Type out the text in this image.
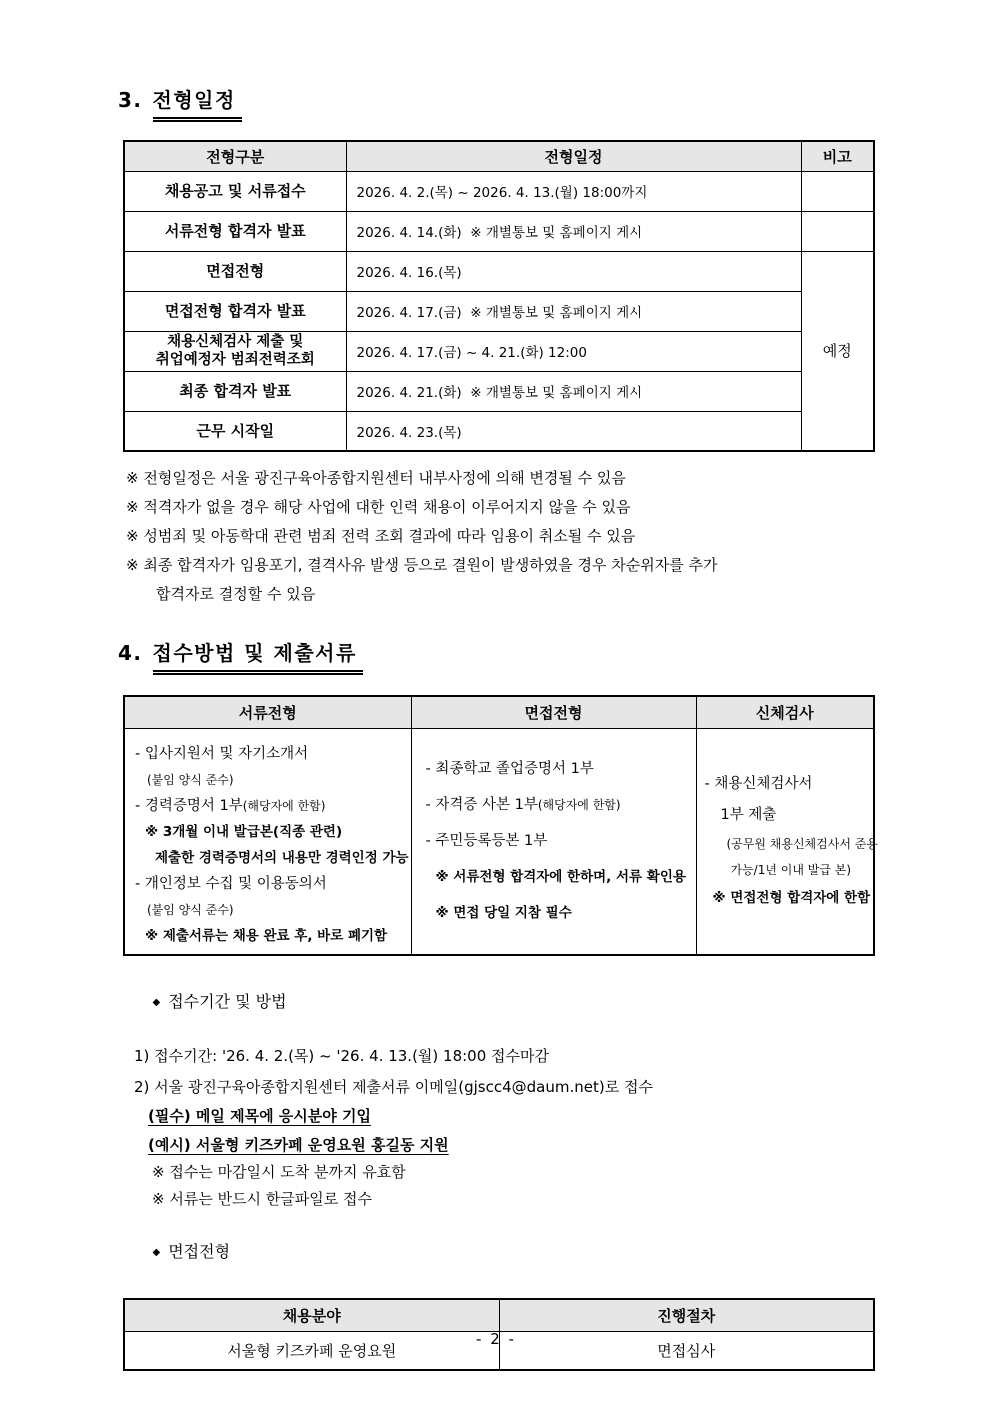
3. 전형일정
전형구분	전형일정	비고
채용공고 및 서류접수	2026. 4. 2.(목) ~ 2026. 4. 13.(월) 18:00까지	
서류전형 합격자 발표	2026. 4. 14.(화)  ※ 개별통보 및 홈페이지 게시	
면접전형	2026. 4. 16.(목)	예정
면접전형 합격자 발표	2026. 4. 17.(금)  ※ 개별통보 및 홈페이지 게시	

채용신체검사 제출 및
취업예정자 범죄전력조회	2026. 4. 17.(금) ~ 4. 21.(화) 12:00	
최종 합격자 발표	2026. 4. 21.(화)  ※ 개별통보 및 홈페이지 게시	
근무 시작일	2026. 4. 23.(목)	
※ 전형일정은 서울 광진구육아종합지원센터 내부사정에 의해 변경될 수 있음
※ 적격자가 없을 경우 해당 사업에 대한 인력 채용이 이루어지지 않을 수 있음
※ 성범죄 및 아동학대 관련 범죄 전력 조회 결과에 따라 임용이 취소될 수 있음
※ 최종 합격자가 임용포기, 결격사유 발생 등으로 결원이 발생하였을 경우 차순위자를 추가
합격자로 결정할 수 있음
4. 접수방법 및 제출서류
서류전형	면접전형	신체검사

- 입사지원서 및 자기소개서
(붙임 양식 준수)
- 경력증명서 1부(해당자에 한함)
※ 3개월 이내 발급본(직종 관련)
제출한 경력증명서의 내용만 경력인정 가능
- 개인정보 수집 및 이용동의서
(붙임 양식 준수)
※ 제출서류는 채용 완료 후, 바로 폐기함

- 최종학교 졸업증명서 1부
- 자격증 사본 1부(해당자에 한함)
- 주민등록등본 1부
※ 서류전형 합격자에 한하며, 서류 확인용
※ 면접 당일 지참 필수

- 채용신체검사서
1부 제출
(공무원 채용신체검사서 준용
가능/1년 이내 발급 본)
※ 면접전형 합격자에 한함

◆ 접수기간 및 방법

1) 접수기간: '26. 4. 2.(목) ~ '26. 4. 13.(월) 18:00 접수마감
2) 서울 광진구육아종합지원센터 제출서류 이메일(gjscc4@daum.net)로 접수
(필수) 메일 제목에 응시분야 기입
(예시) 서울형 키즈카페 운영요원 홍길동 지원
※ 접수는 마감일시 도착 분까지 유효함
※ 서류는 반드시 한글파일로 접수

◆ 면접전형

채용분야	진행절차
서울형 키즈카페 운영요원	면접심사
- 2 -
